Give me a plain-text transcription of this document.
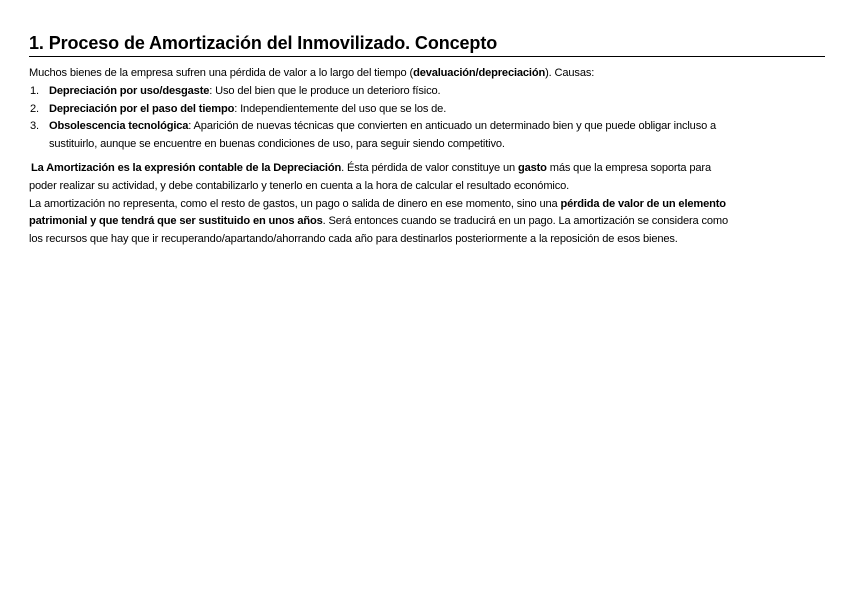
1. Proceso de Amortización del Inmovilizado. Concepto
Muchos bienes de la empresa sufren una pérdida de valor a lo largo del tiempo (devaluación/depreciación). Causas:
1. Depreciación por uso/desgaste: Uso del bien que le produce un deterioro físico.
2. Depreciación por el paso del tiempo: Independientemente del uso que se los de.
3. Obsolescencia tecnológica: Aparición de nuevas técnicas que convierten en anticuado un determinado bien y que puede obligar incluso a
sustituirlo, aunque se encuentre en buenas condiciones de uso, para seguir siendo competitivo.
La Amortización es la expresión contable de la Depreciación. Ésta pérdida de valor constituye un gasto más que la empresa soporta para
poder realizar su actividad, y debe contabilizarlo y tenerlo en cuenta a la hora de calcular el resultado económico.
La amortización no representa, como el resto de gastos, un pago o salida de dinero en ese momento, sino una pérdida de valor de un elemento
patrimonial y que tendrá que ser sustituido en unos años. Será entonces cuando se traducirá en un pago. La amortización se considera como
los recursos que hay que ir recuperando/apartando/ahorrando cada año para destinarlos posteriormente a la reposición de esos bienes.
